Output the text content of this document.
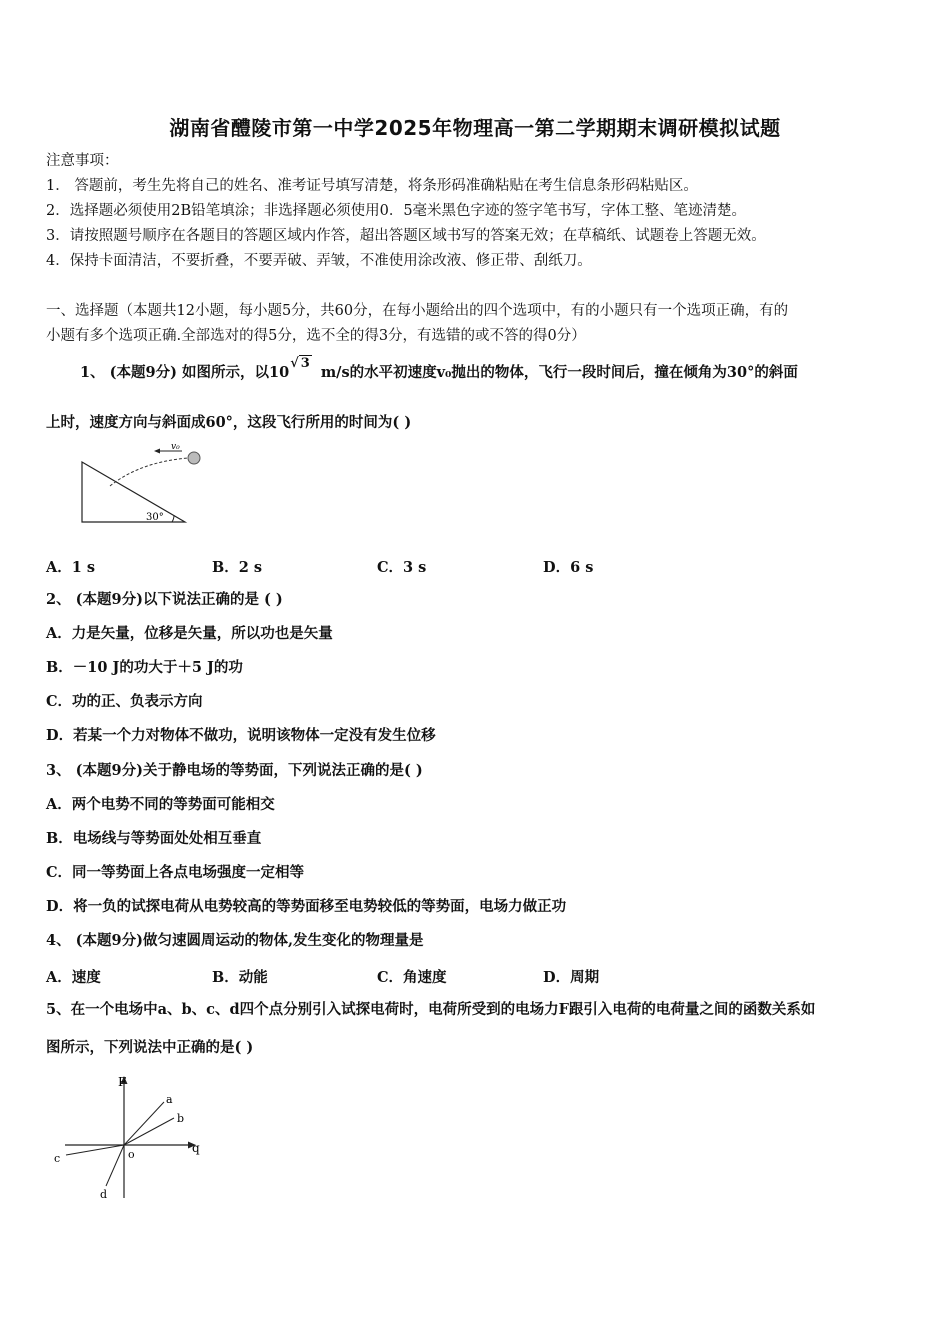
湖南省醴陵市第一中学2025年物理高一第二学期期末调研模拟试题
注意事项：
1． 答题前，考生先将自己的姓名、准考证号填写清楚，将条形码准确粘贴在考生信息条形码粘贴区。
2．选择题必须使用2B铅笔填涂；非选择题必须使用0．5毫米黑色字迹的签字笔书写，字体工整、笔迹清楚。
3．请按照题号顺序在各题目的答题区域内作答，超出答题区域书写的答案无效；在草稿纸、试题卷上答题无效。
4．保持卡面清洁，不要折叠，不要弄破、弄皱，不准使用涂改液、修正带、刮纸刀。
一、选择题（本题共12小题，每小题5分，共60分，在每小题给出的四个选项中，有的小题只有一个选项正确，有的
小题有多个选项正确.全部选对的得5分，选不全的得3分，有选错的或不答的得0分）
1、 (本题9分) 如图所示，以10√ 3 m/s的水平初速度v₀抛出的物体，飞行一段时间后，撞在倾角为30°的斜面
上时，速度方向与斜面成60°，这段飞行所用的时间为( )
v₀
30°
A．1 s	B．2 s	C．3 s	D．6 s
2、 (本题9分)以下说法正确的是 ( )
A．力是矢量，位移是矢量，所以功也是矢量
B．－10 J的功大于＋5 J的功
C．功的正、负表示方向
D．若某一个力对物体不做功，说明该物体一定没有发生位移
3、 (本题9分)关于静电场的等势面，下列说法正确的是( )
A．两个电势不同的等势面可能相交
B．电场线与等势面处处相互垂直
C．同一等势面上各点电场强度一定相等
D．将一负的试探电荷从电势较高的等势面移至电势较低的等势面，电场力做正功
4、 (本题9分)做匀速圆周运动的物体,发生变化的物理量是
A．速度	B．动能	C．角速度	D．周期
5、在一个电场中a、b、c、d四个点分别引入试探电荷时，电荷所受到的电场力F跟引入电荷的电荷量之间的函数关系如
图所示，下列说法中正确的是( )
F
q
o
a
b
c
d
